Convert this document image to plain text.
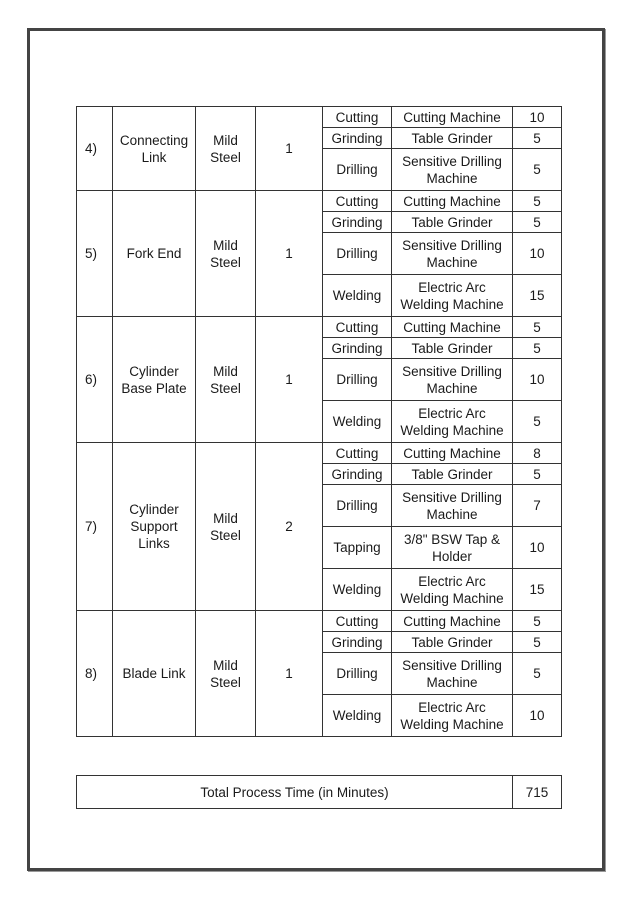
4)	Connecting Link	Mild Steel	1	Cutting	Cutting Machine	10
				Grinding	Table Grinder	5
				Drilling	Sensitive Drilling Machine	5
5)	Fork End	Mild Steel	1	Cutting	Cutting Machine	5
				Grinding	Table Grinder	5
				Drilling	Sensitive Drilling Machine	10
				Welding	Electric Arc Welding Machine	15
6)	Cylinder Base Plate	Mild Steel	1	Cutting	Cutting Machine	5
				Grinding	Table Grinder	5
				Drilling	Sensitive Drilling Machine	10
				Welding	Electric Arc Welding Machine	5
7)	Cylinder Support Links	Mild Steel	2	Cutting	Cutting Machine	8
				Grinding	Table Grinder	5
				Drilling	Sensitive Drilling Machine	7
				Tapping	3/8" BSW Tap & Holder	10
				Welding	Electric Arc Welding Machine	15
8)	Blade Link	Mild Steel	1	Cutting	Cutting Machine	5
				Grinding	Table Grinder	5
				Drilling	Sensitive Drilling Machine	5
				Welding	Electric Arc Welding Machine	10
Total Process Time (in Minutes)	715
